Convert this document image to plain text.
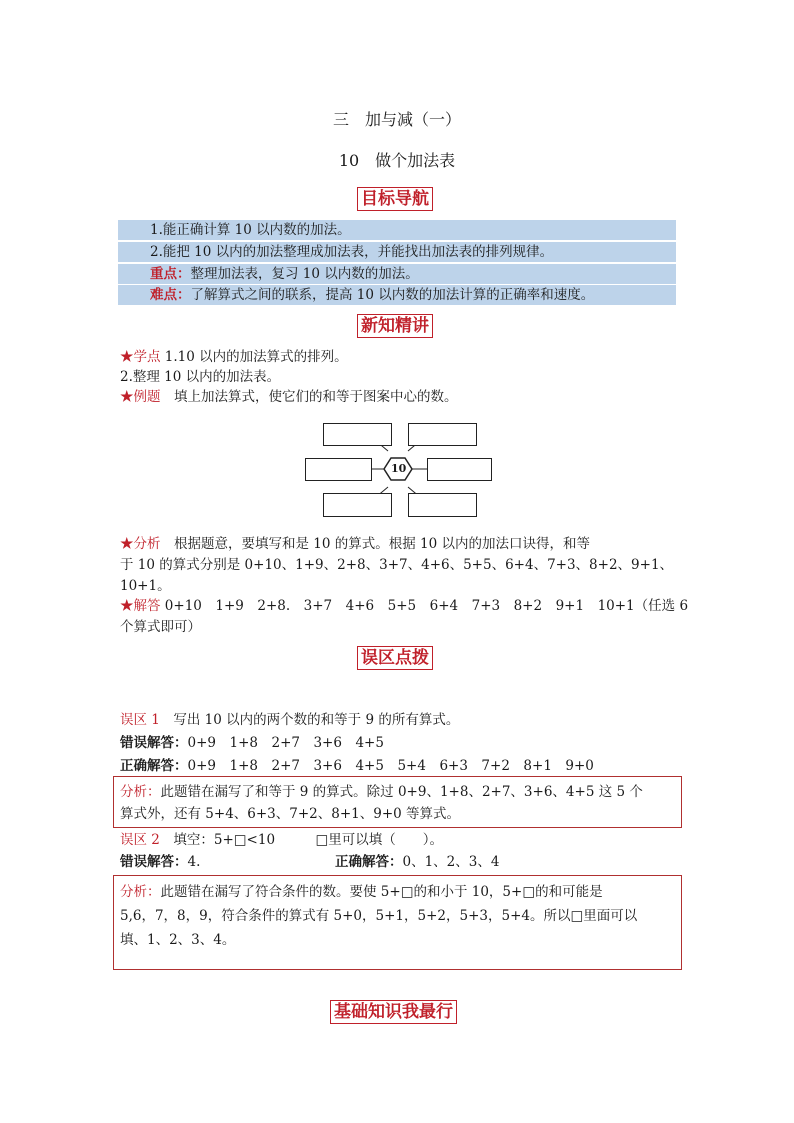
三　加与减（一）
10　做个加法表
目标导航
1.能正确计算 10 以内数的加法。
2.能把 10 以内的加法整理成加法表，并能找出加法表的排列规律。
重点：整理加法表，复习 10 以内数的加法。
难点：了解算式之间的联系，提高 10 以内数的加法计算的正确率和速度。
新知精讲
★学点 1.10 以内的加法算式的排列。
2.整理 10 以内的加法表。
★例题　填上加法算式，使它们的和等于图案中心的数。
10
★分析　根据题意，要填写和是 10 的算式。根据 10 以内的加法口诀得，和等
于 10 的算式分别是 0+10、1+9、2+8、3+7、4+6、5+5、6+4、7+3、8+2、9+1、
10+1。
★解答 0+10　1+9　2+8.　3+7　4+6　5+5　6+4　7+3　8+2　9+1　10+1（任选 6
个算式即可）
误区点拨
误区 1　写出 10 以内的两个数的和等于 9 的所有算式。
错误解答：0+9　1+8　2+7　3+6　4+5
正确解答：0+9　1+8　2+7　3+6　4+5　5+4　6+3　7+2　8+1　9+0
分析：此题错在漏写了和等于 9 的算式。除过 0+9、1+8、2+7、3+6、4+5 这 5 个
算式外，还有 5+4、6+3、7+2、8+1、9+0 等算式。
误区 2　填空：5+□<10　　　□里可以填（　　）。
错误解答：4.	正确解答：0、1、2、3、4
分析：此题错在漏写了符合条件的数。要使 5+□的和小于 10，5+□的和可能是
5,6，7，8，9，符合条件的算式有 5+0，5+1，5+2，5+3，5+4。所以□里面可以
填、1、2、3、4。
基础知识我最行
